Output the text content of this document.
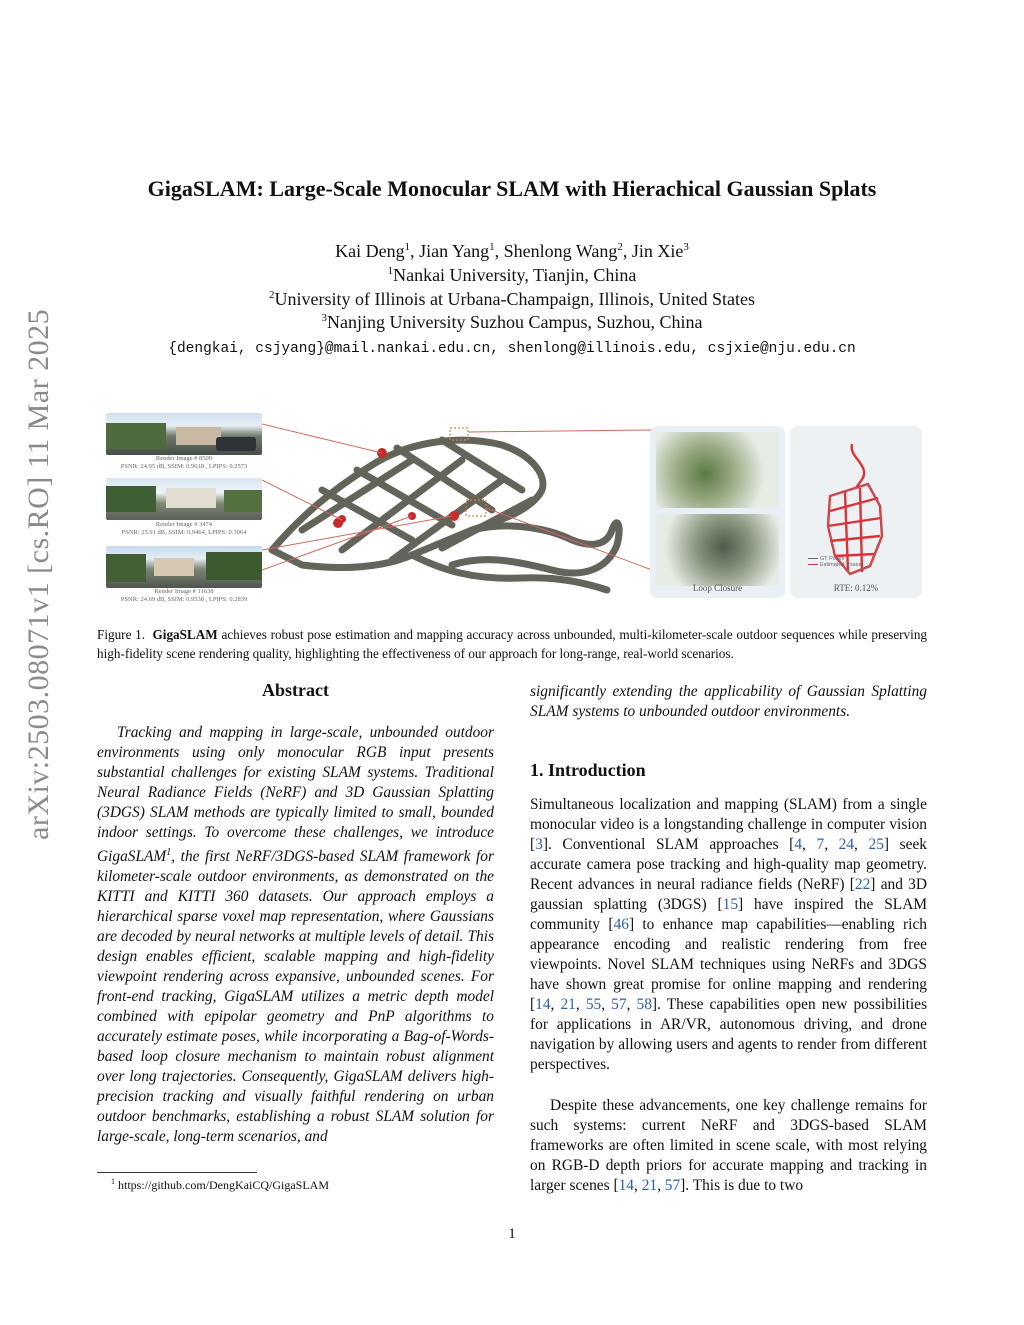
arXiv:2503.08071v1 [cs.RO] 11 Mar 2025
GigaSLAM: Large-Scale Monocular SLAM with Hierachical Gaussian Splats
Kai Deng$^1$, Jian Yang$^1$, Shenlong Wang$^2$, Jin Xie$^3$
$^1$Nankai University, Tianjin, China
$^2$University of Illinois at Urbana-Champaign, Illinois, United States
$^3$Nanjing University Suzhou Campus, Suzhou, China
{dengkai, csjyang}@mail.nankai.edu.cn, shenlong@illinois.edu, csjxie@nju.edu.cn
Render Image # 8509
PSNR: 24.95 dB, SSIM: 0.9618 , LPIPS: 0.2573
Render Image # 3474
PSNR: 25.91 dB, SSIM: 0.9464, LPIPS: 0.3064
Render Image # 11638
PSNR: 24.69 dB, SSIM: 0.9538 , LPIPS: 0.2839
Loop Closure
GT Poses
Estimated Poses
RTE: 0.12%
Figure 1. GigaSLAM achieves robust pose estimation and mapping accuracy across unbounded, multi-kilometer-scale outdoor sequences while preserving high-fidelity scene rendering quality, highlighting the effectiveness of our approach for long-range, real-world scenarios.
Abstract
Tracking and mapping in large-scale, unbounded outdoor environments using only monocular RGB input presents substantial challenges for existing SLAM systems. Traditional Neural Radiance Fields (NeRF) and 3D Gaussian Splatting (3DGS) SLAM methods are typically limited to small, bounded indoor settings. To overcome these challenges, we introduce GigaSLAM$^1$, the first NeRF/3DGS-based SLAM framework for kilometer-scale outdoor environments, as demonstrated on the KITTI and KITTI 360 datasets. Our approach employs a hierarchical sparse voxel map representation, where Gaussians are decoded by neural networks at multiple levels of detail. This design enables efficient, scalable mapping and high-fidelity viewpoint rendering across expansive, unbounded scenes. For front-end tracking, GigaSLAM utilizes a metric depth model combined with epipolar geometry and PnP algorithms to accurately estimate poses, while incorporating a Bag-of-Words-based loop closure mechanism to maintain robust alignment over long trajectories. Consequently, GigaSLAM delivers high-precision tracking and visually faithful rendering on urban outdoor benchmarks, establishing a robust SLAM solution for large-scale, long-term scenarios, and
$^1$ https://github.com/DengKaiCQ/GigaSLAM
significantly extending the applicability of Gaussian Splatting SLAM systems to unbounded outdoor environments.
1. Introduction
Simultaneous localization and mapping (SLAM) from a single monocular video is a longstanding challenge in computer vision [3]. Conventional SLAM approaches [4, 7, 24, 25] seek accurate camera pose tracking and high-quality map geometry. Recent advances in neural radiance fields (NeRF) [22] and 3D gaussian splatting (3DGS) [15] have inspired the SLAM community [46] to enhance map capabilities—enabling rich appearance encoding and realistic rendering from free viewpoints. Novel SLAM techniques using NeRFs and 3DGS have shown great promise for online mapping and rendering [14, 21, 55, 57, 58]. These capabilities open new possibilities for applications in AR/VR, autonomous driving, and drone navigation by allowing users and agents to render from different perspectives.
Despite these advancements, one key challenge remains for such systems: current NeRF and 3DGS-based SLAM frameworks are often limited in scene scale, with most relying on RGB-D depth priors for accurate mapping and tracking in larger scenes [14, 21, 57]. This is due to two
1
